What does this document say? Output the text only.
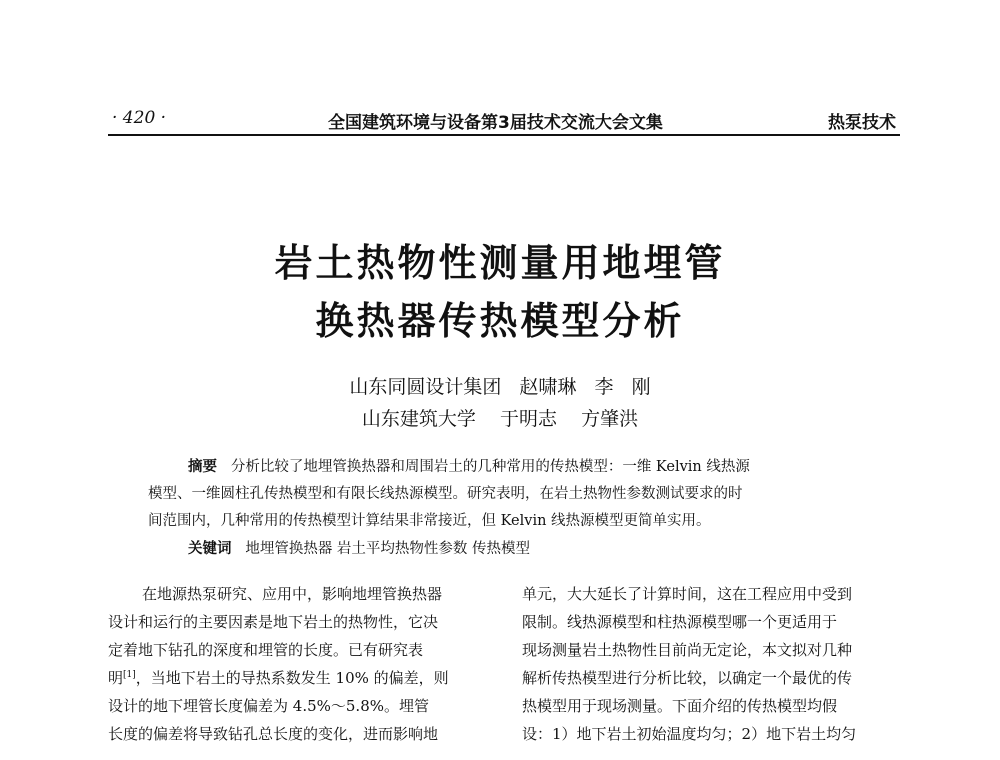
· 420 ·	全国建筑环境与设备第3届技术交流大会文集	热泵技术
岩土热物性测量用地埋管
换热器传热模型分析
山东同圆设计集团   赵啸琳   李   刚
山东建筑大学    于明志    方肇洪

摘要 分析比较了地埋管换热器和周围岩土的几种常用的传热模型：一维 Kelvin 线热源

模型、一维圆柱孔传热模型和有限长线热源模型。研究表明，在岩土热物性参数测试要求的时

间范围内，几种常用的传热模型计算结果非常接近，但 Kelvin 线热源模型更简单实用。

关键词 地埋管换热器 岩土平均热物性参数 传热模型

在地源热泵研究、应用中，影响地埋管换热器

设计和运行的主要因素是地下岩土的热物性，它决

定着地下钻孔的深度和埋管的长度。已有研究表

明[1]，当地下岩土的导热系数发生 10% 的偏差，则

设计的地下埋管长度偏差为 4.5%～5.8%。埋管

长度的偏差将导致钻孔总长度的变化，进而影响地

单元，大大延长了计算时间，这在工程应用中受到

限制。线热源模型和柱热源模型哪一个更适用于

现场测量岩土热物性目前尚无定论，本文拟对几种

解析传热模型进行分析比较，以确定一个最优的传

热模型用于现场测量。下面介绍的传热模型均假

设：1）地下岩土初始温度均匀；2）地下岩土均匀
